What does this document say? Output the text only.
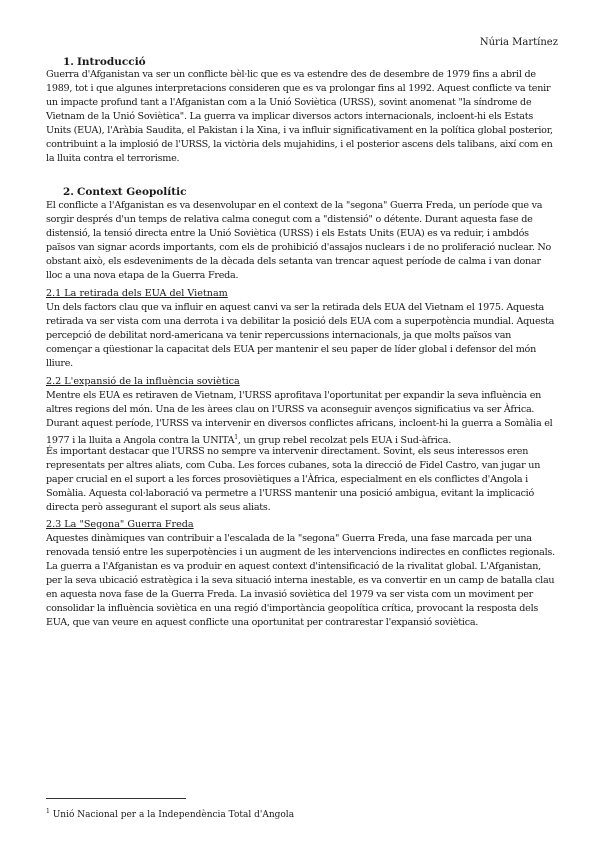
Núria Martínez
1. Introducció
Guerra d'Afganistan va ser un conflicte bèl·lic que es va estendre des de desembre de 1979 fins a abril de 1989, tot i que algunes interpretacions consideren que es va prolongar fins al 1992. Aquest conflicte va tenir un impacte profund tant a l'Afganistan com a la Unió Soviètica (URSS), sovint anomenat "la síndrome de Vietnam de la Unió Soviètica". La guerra va implicar diversos actors internacionals, incloent-hi els Estats Units (EUA), l'Aràbia Saudita, el Pakistan i la Xina, i va influir significativament en la política global posterior, contribuint a la implosió de l'URSS, la victòria dels mujahidins, i el posterior ascens dels talibans, així com en la lluita contra el terrorisme.
2. Context Geopolític
El conflicte a l'Afganistan es va desenvolupar en el context de la "segona" Guerra Freda, un període que va sorgir després d'un temps de relativa calma conegut com a "distensió" o détente. Durant aquesta fase de distensió, la tensió directa entre la Unió Soviètica (URSS) i els Estats Units (EUA) es va reduir, i ambdós països van signar acords importants, com els de prohibició d'assajos nuclears i de no proliferació nuclear. No obstant això, els esdeveniments de la dècada dels setanta van trencar aquest període de calma i van donar lloc a una nova etapa de la Guerra Freda.
2.1 La retirada dels EUA del Vietnam
Un dels factors clau que va influir en aquest canvi va ser la retirada dels EUA del Vietnam el 1975. Aquesta retirada va ser vista com una derrota i va debilitar la posició dels EUA com a superpotència mundial. Aquesta percepció de debilitat nord-americana va tenir repercussions internacionals, ja que molts països van començar a qüestionar la capacitat dels EUA per mantenir el seu paper de líder global i defensor del món lliure.
2.2 L'expansió de la influència soviètica
Mentre els EUA es retiraven de Vietnam, l'URSS aprofitava l'oportunitat per expandir la seva influència en altres regions del món. Una de les àrees clau on l'URSS va aconseguir avenços significatius va ser Àfrica. Durant aquest període, l'URSS va intervenir en diversos conflictes africans, incloent-hi la guerra a Somàlia el 1977 i la lluita a Angola contra la UNITA$^1$, un grup rebel recolzat pels EUA i Sud-àfrica.
És important destacar que l'URSS no sempre va intervenir directament. Sovint, els seus interessos eren representats per altres aliats, com Cuba. Les forces cubanes, sota la direcció de Fidel Castro, van jugar un paper crucial en el suport a les forces prosoviètiques a l'Àfrica, especialment en els conflictes d'Angola i Somàlia. Aquesta col·laboració va permetre a l'URSS mantenir una posició ambigua, evitant la implicació directa però assegurant el suport als seus aliats.
2.3 La "Segona" Guerra Freda
Aquestes dinàmiques van contribuir a l'escalada de la "segona" Guerra Freda, una fase marcada per una renovada tensió entre les superpotències i un augment de les intervencions indirectes en conflictes regionals. La guerra a l'Afganistan es va produir en aquest context d'intensificació de la rivalitat global. L'Afganistan, per la seva ubicació estratègica i la seva situació interna inestable, es va convertir en un camp de batalla clau en aquesta nova fase de la Guerra Freda. La invasió soviètica del 1979 va ser vista com un moviment per consolidar la influència soviètica en una regió d'importància geopolítica crítica, provocant la resposta dels EUA, que van veure en aquest conflicte una oportunitat per contrarestar l'expansió soviètica.
$^1$ Unió Nacional per a la Independència Total d'Angola
